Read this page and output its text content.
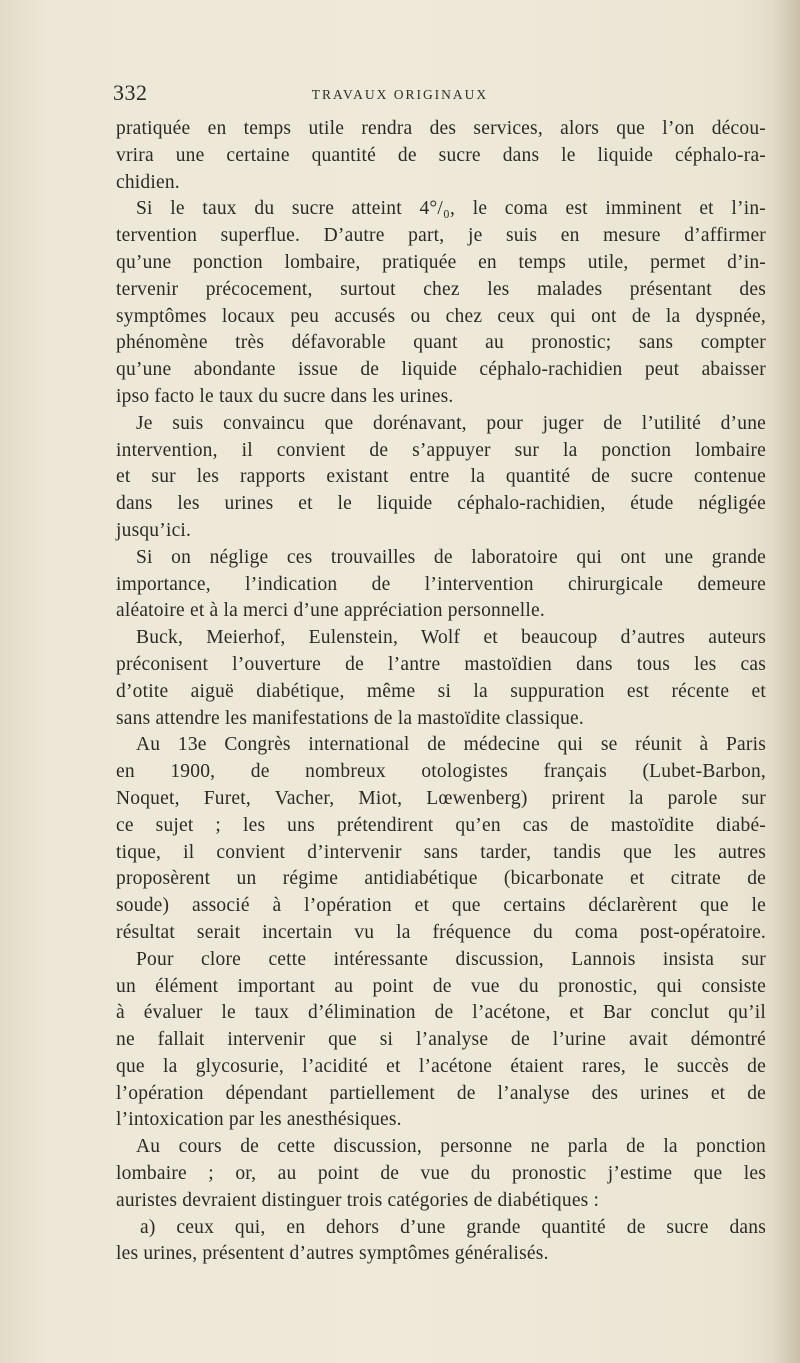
332	TRAVAUX ORIGINAUX
pratiquée en temps utile rendra des services, alors que l’on décou-
vrira une certaine quantité de sucre dans le liquide céphalo-ra-
chidien.
Si le taux du sucre atteint 4°/₀, le coma est imminent et l’in-
tervention superflue. D’autre part, je suis en mesure d’affirmer
qu’une ponction lombaire, pratiquée en temps utile, permet d’in-
tervenir précocement, surtout chez les malades présentant des
symptômes locaux peu accusés ou chez ceux qui ont de la dyspnée,
phénomène très défavorable quant au pronostic; sans compter
qu’une abondante issue de liquide céphalo-rachidien peut abaisser
ipso facto le taux du sucre dans les urines.
Je suis convaincu que dorénavant, pour juger de l’utilité d’une
intervention, il convient de s’appuyer sur la ponction lombaire
et sur les rapports existant entre la quantité de sucre contenue
dans les urines et le liquide céphalo-rachidien, étude négligée
jusqu’ici.
Si on néglige ces trouvailles de laboratoire qui ont une grande
importance, l’indication de l’intervention chirurgicale demeure
aléatoire et à la merci d’une appréciation personnelle.
Buck, Meierhof, Eulenstein, Wolf et beaucoup d’autres auteurs
préconisent l’ouverture de l’antre mastoïdien dans tous les cas
d’otite aiguë diabétique, même si la suppuration est récente et
sans attendre les manifestations de la mastoïdite classique.
Au 13e Congrès international de médecine qui se réunit à Paris
en 1900, de nombreux otologistes français (Lubet-Barbon,
Noquet, Furet, Vacher, Miot, Lœwenberg) prirent la parole sur
ce sujet ; les uns prétendirent qu’en cas de mastoïdite diabé-
tique, il convient d’intervenir sans tarder, tandis que les autres
proposèrent un régime antidiabétique (bicarbonate et citrate de
soude) associé à l’opération et que certains déclarèrent que le
résultat serait incertain vu la fréquence du coma post-opératoire.
Pour clore cette intéressante discussion, Lannois insista sur
un élément important au point de vue du pronostic, qui consiste
à évaluer le taux d’élimination de l’acétone, et Bar conclut qu’il
ne fallait intervenir que si l’analyse de l’urine avait démontré
que la glycosurie, l’acidité et l’acétone étaient rares, le succès de
l’opération dépendant partiellement de l’analyse des urines et de
l’intoxication par les anesthésiques.
Au cours de cette discussion, personne ne parla de la ponction
lombaire ; or, au point de vue du pronostic j’estime que les
auristes devraient distinguer trois catégories de diabétiques :
a) ceux qui, en dehors d’une grande quantité de sucre dans
les urines, présentent d’autres symptômes généralisés.
